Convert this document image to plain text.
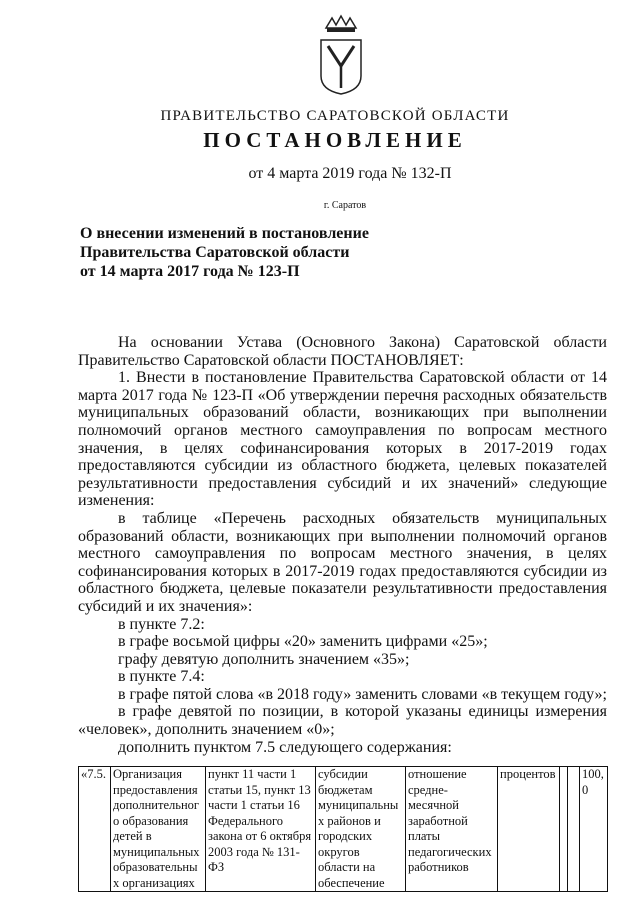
ПРАВИТЕЛЬСТВО САРАТОВСКОЙ ОБЛАСТИ
ПОСТАНОВЛЕНИЕ
от 4 марта 2019 года № 132-П
г. Саратов
О внесении изменений в постановление
Правительства Саратовской области
от 14 марта 2017 года № 123-П

На основании Устава (Основного Закона) Саратовской области Правительство Саратовской области ПОСТАНОВЛЯЕТ:

1. Внести в постановление Правительства Саратовской области от 14 марта 2017 года № 123-П «Об утверждении перечня расходных обязательств муниципальных образований области, возникающих при выполнении полномочий органов местного самоуправления по вопросам местного значения, в целях софинансирования которых в 2017-2019 годах предоставляются субсидии из областного бюджета, целевых показателей результативности предоставления субсидий и их значений» следующие изменения:

в таблице «Перечень расходных обязательств муниципальных образований области, возникающих при выполнении полномочий органов местного самоуправления по вопросам местного значения, в целях софинансирования которых в 2017-2019 годах предоставляются субсидии из областного бюджета, целевые показатели результативности предоставления субсидий и их значения»:

в пункте 7.2:

в графе восьмой цифры «20» заменить цифрами «25»;

графу девятую дополнить значением «35»;

в пункте 7.4:

в графе пятой слова «в 2018 году» заменить словами «в текущем году»;

в графе девятой по позиции, в которой указаны единицы измерения «человек», дополнить значением «0»;

дополнить пунктом 7.5 следующего содержания:

«7.5.	Организация предоставления дополнительного образования детей в муниципальных образовательных организациях	пункт 11 части 1 статьи 15, пункт 13 части 1 статьи 16 Федерального закона от 6 октября 2003 года № 131-ФЗ	субсидии бюджетам муниципальных районов и городских округов области на обеспечение	отношение средне-месячной заработной платы педагогических работников	процентов			100,0
